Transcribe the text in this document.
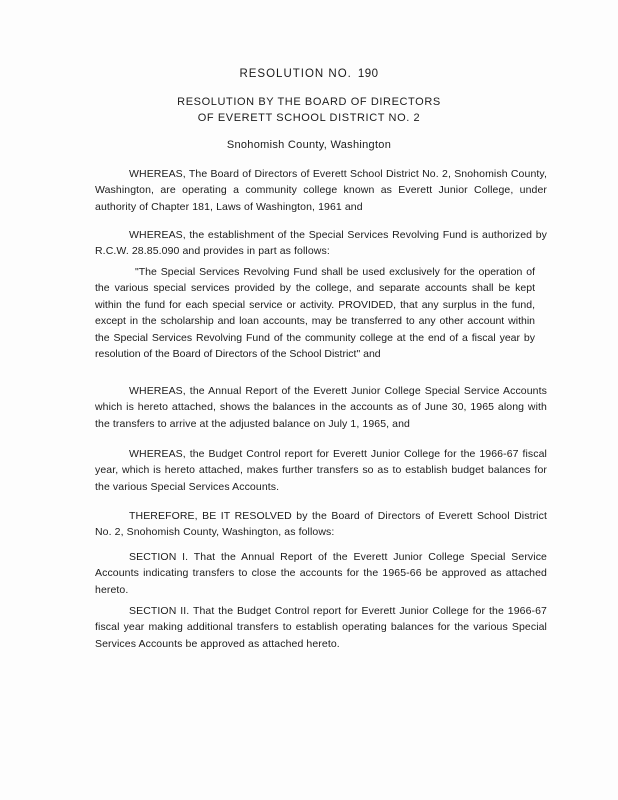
RESOLUTION NO. 190
RESOLUTION BY THE BOARD OF DIRECTORS
OF EVERETT SCHOOL DISTRICT NO. 2
Snohomish County, Washington

WHEREAS, The Board of Directors of Everett School District No. 2, Snohomish County, Washington, are operating a community college known as Everett Junior College, under authority of Chapter 181, Laws of Washington, 1961 and

WHEREAS, the establishment of the Special Services Revolving Fund is authorized by R.C.W. 28.85.090 and provides in part as follows:

"The Special Services Revolving Fund shall be used exclusively for the operation of the various special services provided by the college, and separate accounts shall be kept within the fund for each special service or activity. PROVIDED, that any surplus in the fund, except in the scholarship and loan accounts, may be transferred to any other account within the Special Services Revolving Fund of the community college at the end of a fiscal year by resolution of the Board of Directors of the School District" and

WHEREAS, the Annual Report of the Everett Junior College Special Service Accounts which is hereto attached, shows the balances in the accounts as of June 30, 1965 along with the transfers to arrive at the adjusted balance on July 1, 1965, and

WHEREAS, the Budget Control report for Everett Junior College for the 1966-67 fiscal year, which is hereto attached, makes further transfers so as to establish budget balances for the various Special Services Accounts.

THEREFORE, BE IT RESOLVED by the Board of Directors of Everett School District No. 2, Snohomish County, Washington, as follows:

SECTION I. That the Annual Report of the Everett Junior College Special Service Accounts indicating transfers to close the accounts for the 1965-66 be approved as attached hereto.

SECTION II. That the Budget Control report for Everett Junior College for the 1966-67 fiscal year making additional transfers to establish operating balances for the various Special Services Accounts be approved as attached hereto.
